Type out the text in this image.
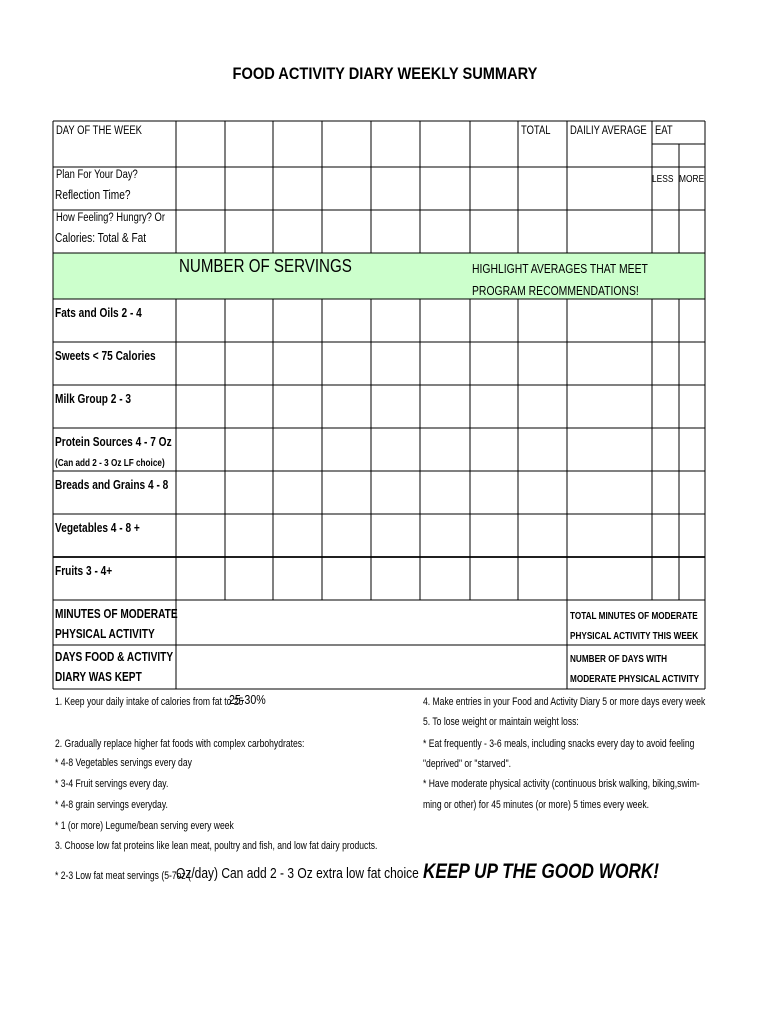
FOOD ACTIVITY DIARY WEEKLY SUMMARY
DAY OF THE WEEK	TOTAL DAILIY AVERAGE EAT
LESS MORE
Plan For Your Day?
Reflection Time?
How Feeling? Hungry? Or
Calories: Total & Fat
NUMBER OF SERVINGS	HIGHLIGHT AVERAGES THAT MEET
PROGRAM RECOMMENDATIONS!
Fats and Oils 2 - 4
Sweets < 75 Calories
Milk Group 2 - 3
Protein Sources 4 - 7 Oz
(Can add 2 - 3 Oz LF choice)
Breads and Grains 4 - 8
Vegetables 4 - 8 +
Fruits 3 - 4+
MINUTES OF MODERATE
PHYSICAL ACTIVITY
DAYS FOOD & ACTIVITY
DIARY WAS KEPT
TOTAL MINUTES OF MODERATE
PHYSICAL ACTIVITY THIS WEEK
NUMBER OF DAYS WITH
MODERATE PHYSICAL ACTIVITY
1. Keep your daily intake of calories from fat to 25
25-30%
2. Gradually replace higher fat foods with complex carbohydrates:
* 4-8 Vegetables servings every day
* 3-4 Fruit servings every day.
* 4-8 grain servings everyday.
* 1 (or more) Legume/bean serving every week
3. Choose low fat proteins like lean meat, poultry and fish, and low fat dairy products.
* 2-3 Low fat meat servings (5-7oz (
Oz/day) Can add 2 - 3 Oz extra low fat choice
4. Make entries in your Food and Activity Diary 5 or more days every week
5. To lose weight or maintain weight loss:
* Eat frequently - 3-6 meals, including snacks every day to avoid feeling
"deprived" or "starved".
* Have moderate physical activity (continuous brisk walking, biking,swim-
ming or other) for 45 minutes (or more) 5 times every week.
KEEP UP THE GOOD WORK!
